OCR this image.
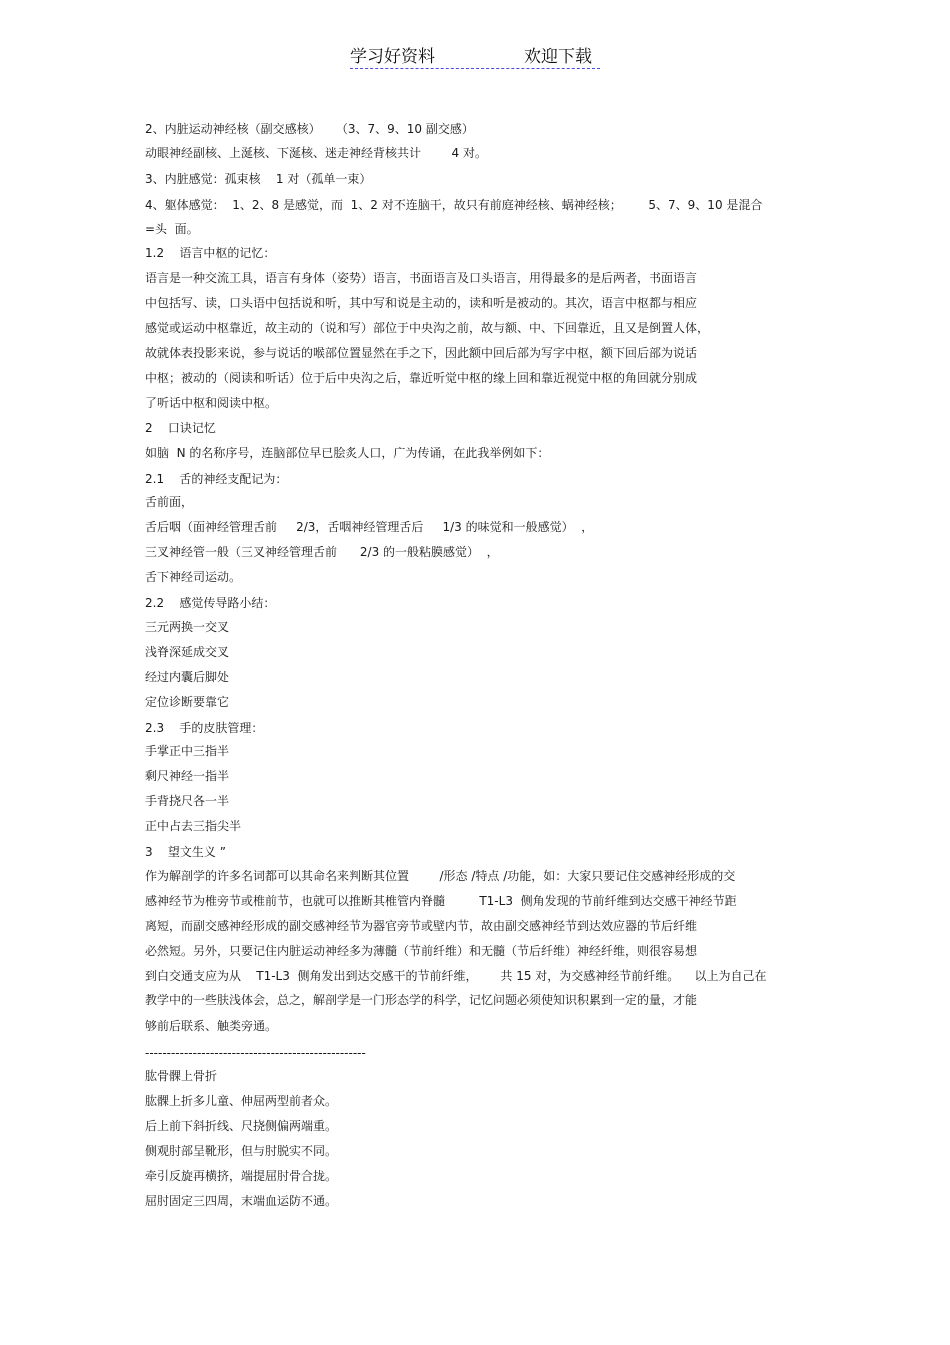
学习好资料	欢迎下载
2、内脏运动神经核（副交感核）    （3、7、9、10 副交感）
动眼神经副核、上涎核、下涎核、迷走神经背核共计        4 对。
3、内脏感觉：孤束核    1 对（孤单一束）
4、躯体感觉：  1、2、8 是感觉，而  1、2 对不连脑干，故只有前庭神经核、蜗神经核；       5、7、9、10 是混合
=头  面。
1.2    语言中枢的记忆：
语言是一种交流工具，语言有身体（姿势）语言，书面语言及口头语言，用得最多的是后两者，书面语言
中包括写、读，口头语中包括说和听，其中写和说是主动的，读和听是被动的。其次，语言中枢都与相应
感觉或运动中枢靠近，故主动的（说和写）部位于中央沟之前，故与额、中、下回靠近，且又是倒置人体，
故就体表投影来说，参与说话的喉部位置显然在手之下，因此额中回后部为写字中枢，额下回后部为说话
中枢；被动的（阅读和听话）位于后中央沟之后，靠近听觉中枢的缘上回和靠近视觉中枢的角回就分别成
了听话中枢和阅读中枢。
2    口诀记忆
如脑  N 的名称序号，连脑部位早已脍炙人口，广为传诵，在此我举例如下：
2.1    舌的神经支配记为：
舌前面，
舌后咽（面神经管理舌前     2/3，舌咽神经管理舌后     1/3 的味觉和一般感觉）  ，
三叉神经管一般（三叉神经管理舌前      2/3 的一般粘膜感觉）  ，
舌下神经司运动。
2.2    感觉传导路小结：
三元两换一交叉
浅脊深延成交叉
经过内囊后脚处
定位诊断要靠它
2.3    手的皮肤管理：
手掌正中三指半
剩尺神经一指半
手背挠尺各一半
正中占去三指尖半
3    望文生义 ”
作为解剖学的许多名词都可以其命名来判断其位置        /形态 /特点 /功能，如：大家只要记住交感神经形成的交
感神经节为椎旁节或椎前节，也就可以推断其椎管内脊髓         T1-L3  侧角发现的节前纤维到达交感干神经节距
离短，而副交感神经形成的副交感神经节为器官旁节或壁内节，故由副交感神经节到达效应器的节后纤维
必然短。另外，只要记住内脏运动神经多为薄髓（节前纤维）和无髓（节后纤维）神经纤维，则很容易想
到白交通支应为从    T1-L3  侧角发出到达交感干的节前纤维，      共 15 对，为交感神经节前纤维。    以上为自己在
教学中的一些肤浅体会，总之，解剖学是一门形态学的科学，记忆问题必须使知识积累到一定的量，才能
够前后联系、触类旁通。
---------------------------------------------------
肱骨髁上骨折
肱髁上折多儿童、伸屈两型前者众。
后上前下斜折线、尺挠侧偏两端重。
侧观肘部呈靴形，但与肘脱实不同。
牵引反旋再横挤，端提屈肘骨合拢。
屈肘固定三四周，末端血运防不通。
